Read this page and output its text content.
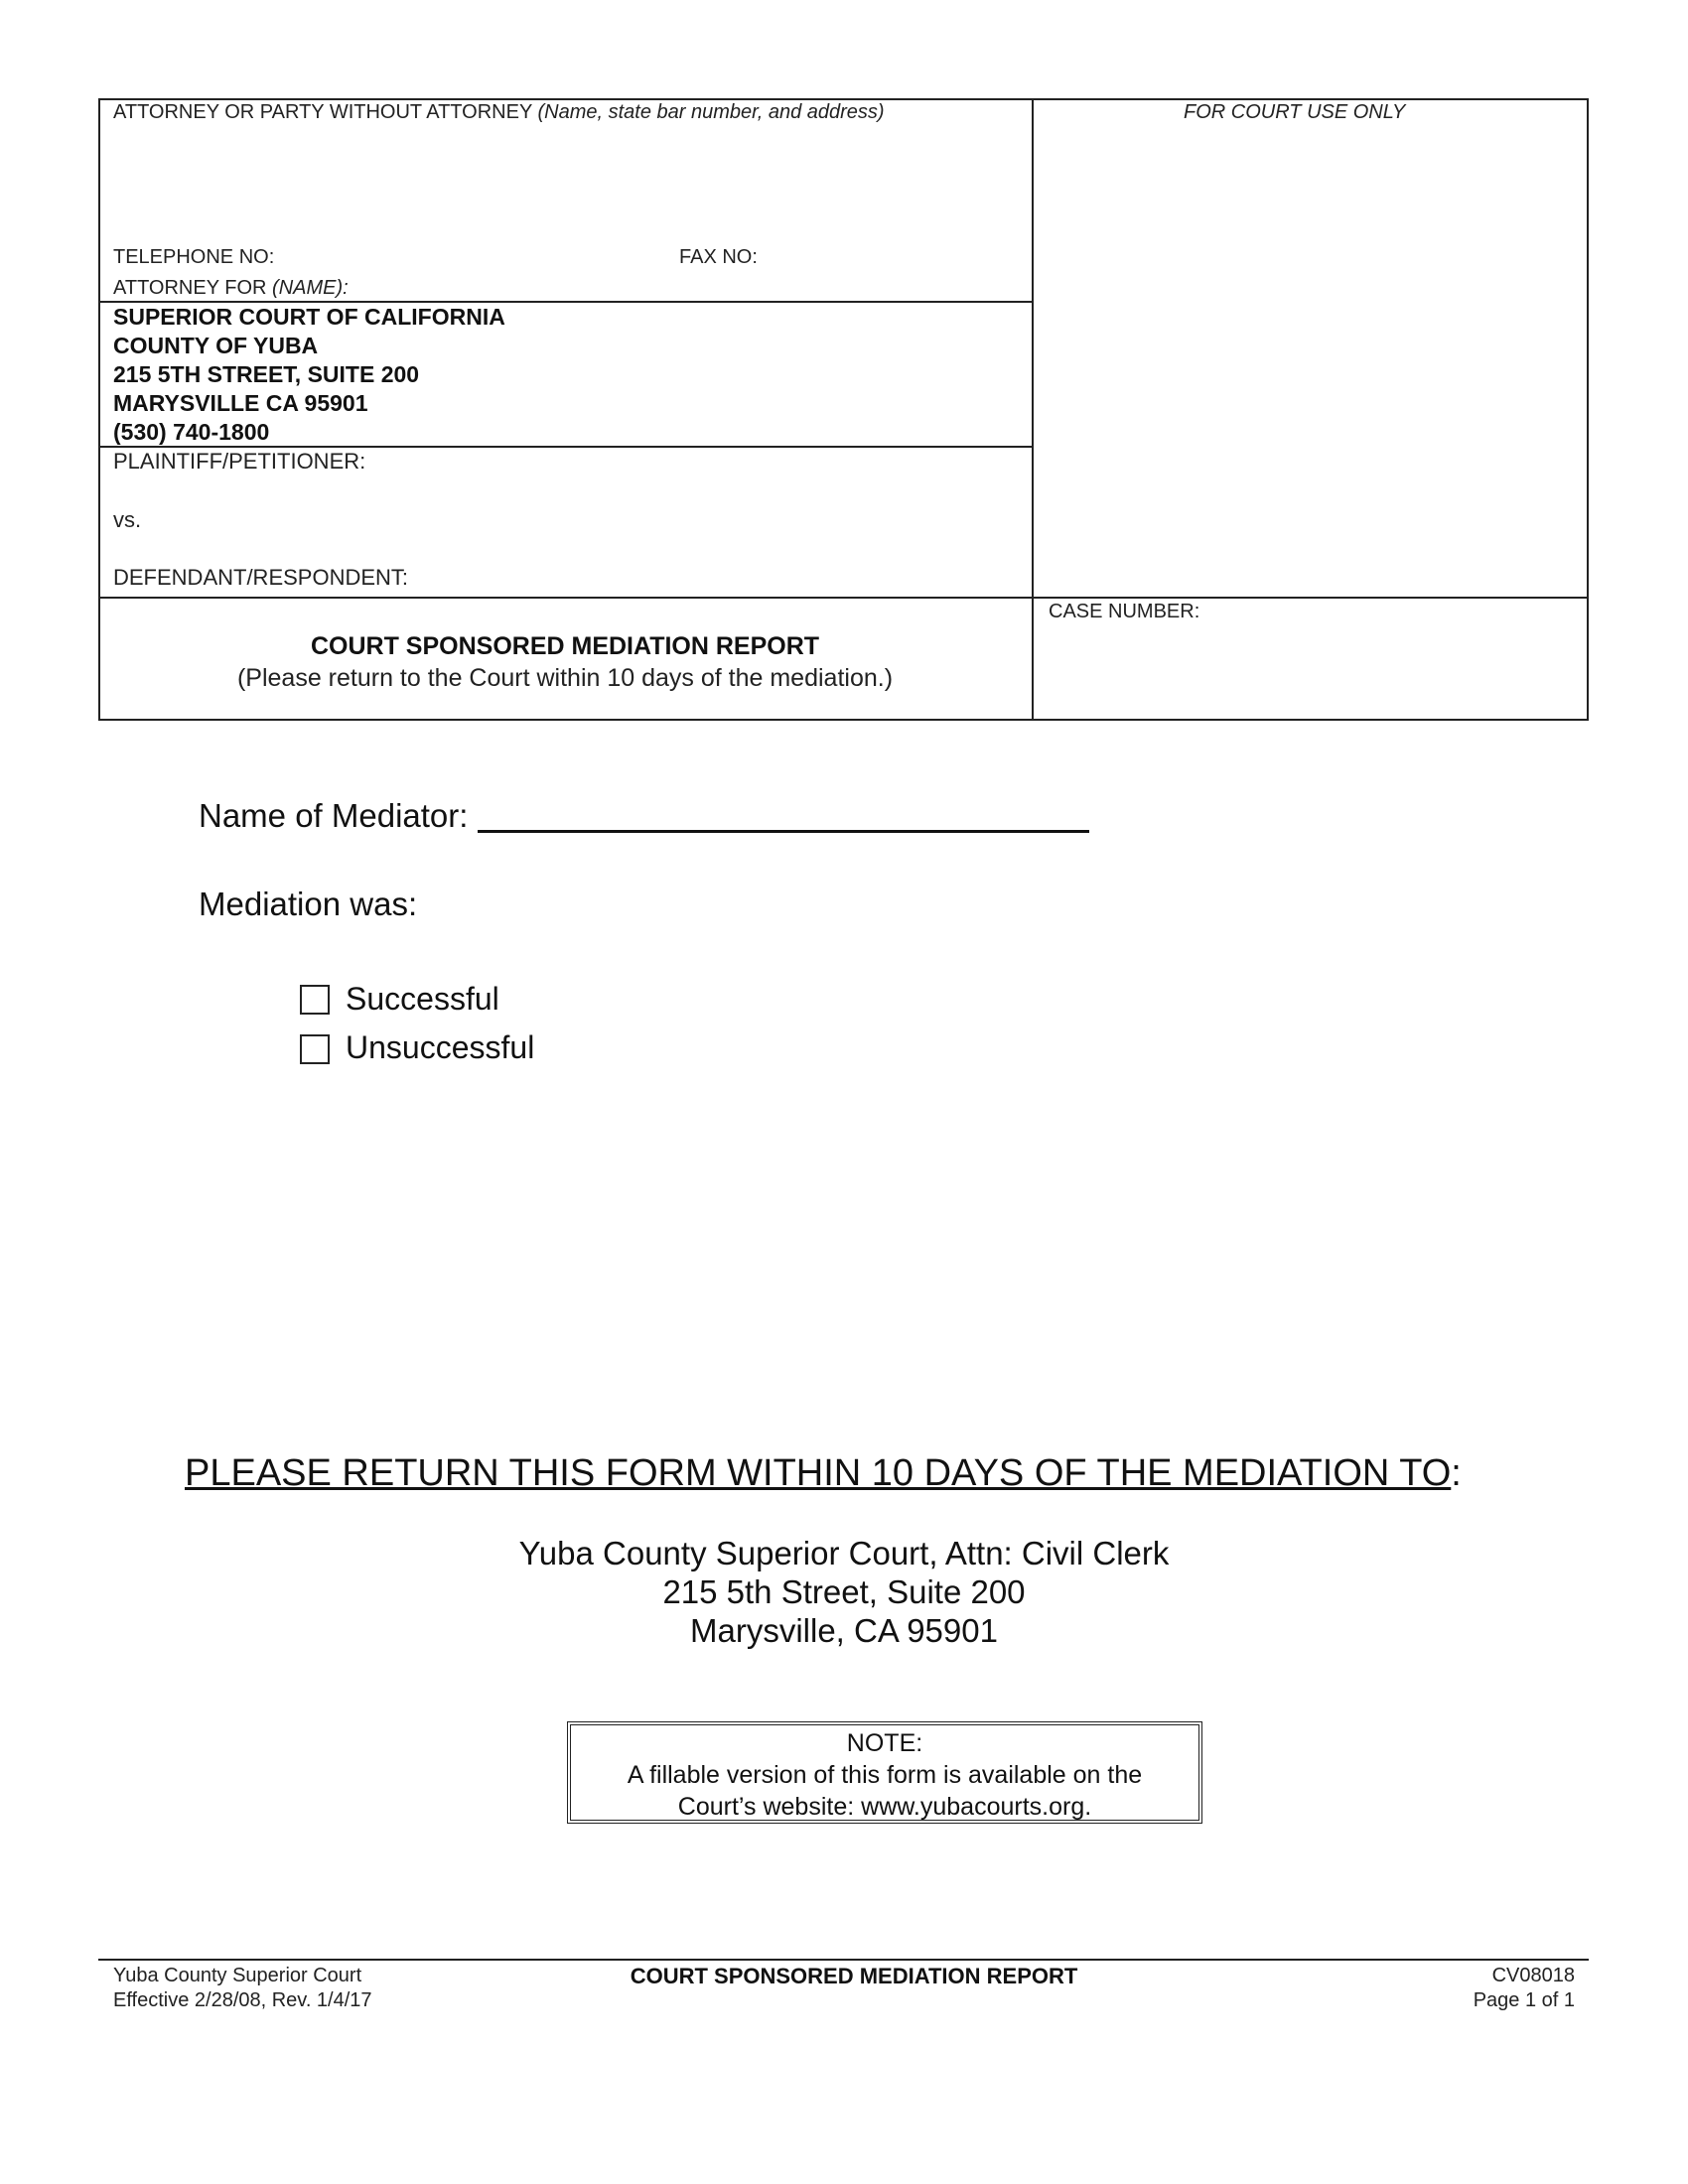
ATTORNEY OR PARTY WITHOUT ATTORNEY (Name, state bar number, and address)	FOR COURT USE ONLY
TELEPHONE NO:	FAX NO:
ATTORNEY FOR (NAME):
SUPERIOR COURT OF CALIFORNIA
COUNTY OF YUBA
215 5TH STREET, SUITE 200
MARYSVILLE CA 95901
(530) 740-1800
PLAINTIFF/PETITIONER:
vs.
DEFENDANT/RESPONDENT:
CASE NUMBER:
COURT SPONSORED MEDIATION REPORT
(Please return to the Court within 10 days of the mediation.)
Name of Mediator:
Mediation was:
Successful
Unsuccessful
PLEASE RETURN THIS FORM WITHIN 10 DAYS OF THE MEDIATION TO:
Yuba County Superior Court, Attn: Civil Clerk
215 5th Street, Suite 200
Marysville, CA 95901
NOTE:
A fillable version of this form is available on the
Court’s website: www.yubacourts.org.
Yuba County Superior Court
Effective 2/28/08, Rev. 1/4/17
COURT SPONSORED MEDIATION REPORT	CV08018
Page 1 of 1
